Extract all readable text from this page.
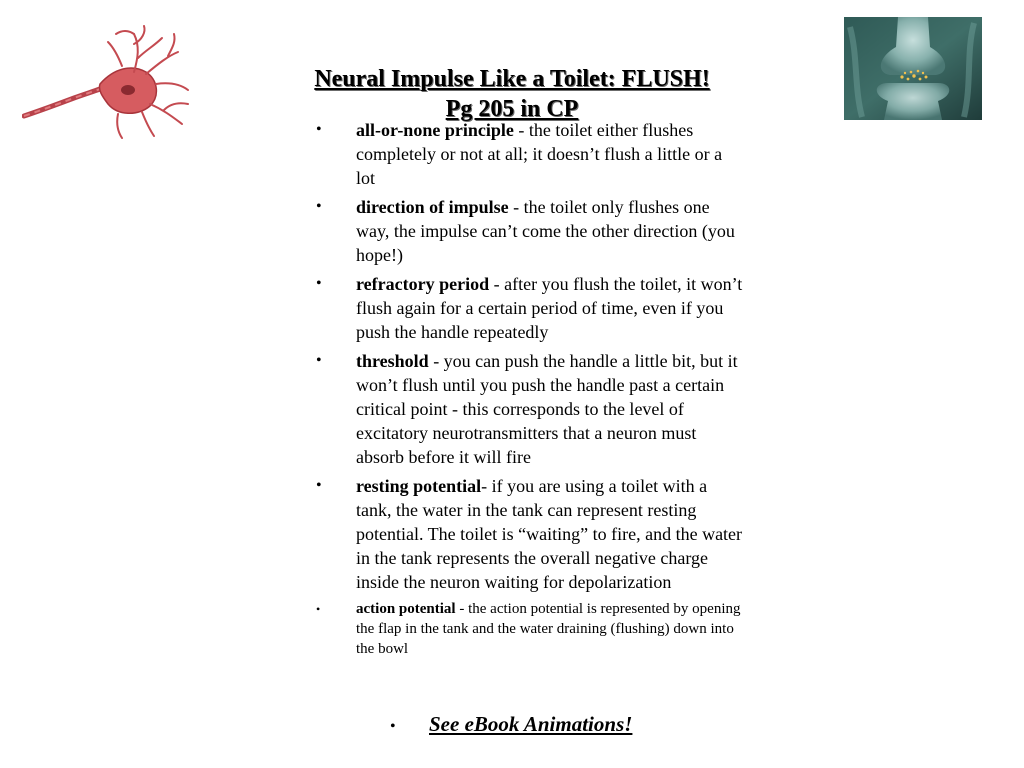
Neural Impulse Like a Toilet: FLUSH!
Pg 205 in CP
• all-or-none principle - the toilet either flushes completely or not at all; it doesn’t flush a little or a lot
• direction of impulse - the toilet only flushes one way, the impulse can’t come the other direction (you hope!)
• refractory period - after you flush the toilet, it won’t flush again for a certain period of time, even if you push the handle repeatedly
• threshold - you can push the handle a little bit, but it won’t flush until you push the handle past a certain critical point - this corresponds to the level of excitatory neurotransmitters that a neuron must absorb before it will fire
• resting potential- if you are using a toilet with a tank, the water in the tank can represent resting potential. The toilet is “waiting” to fire, and the water in the tank represents the overall negative charge inside the neuron waiting for depolarization
• action potential - the action potential is represented by opening the flap in the tank and the water draining (flushing) down into the bowl
• See eBook Animations!
